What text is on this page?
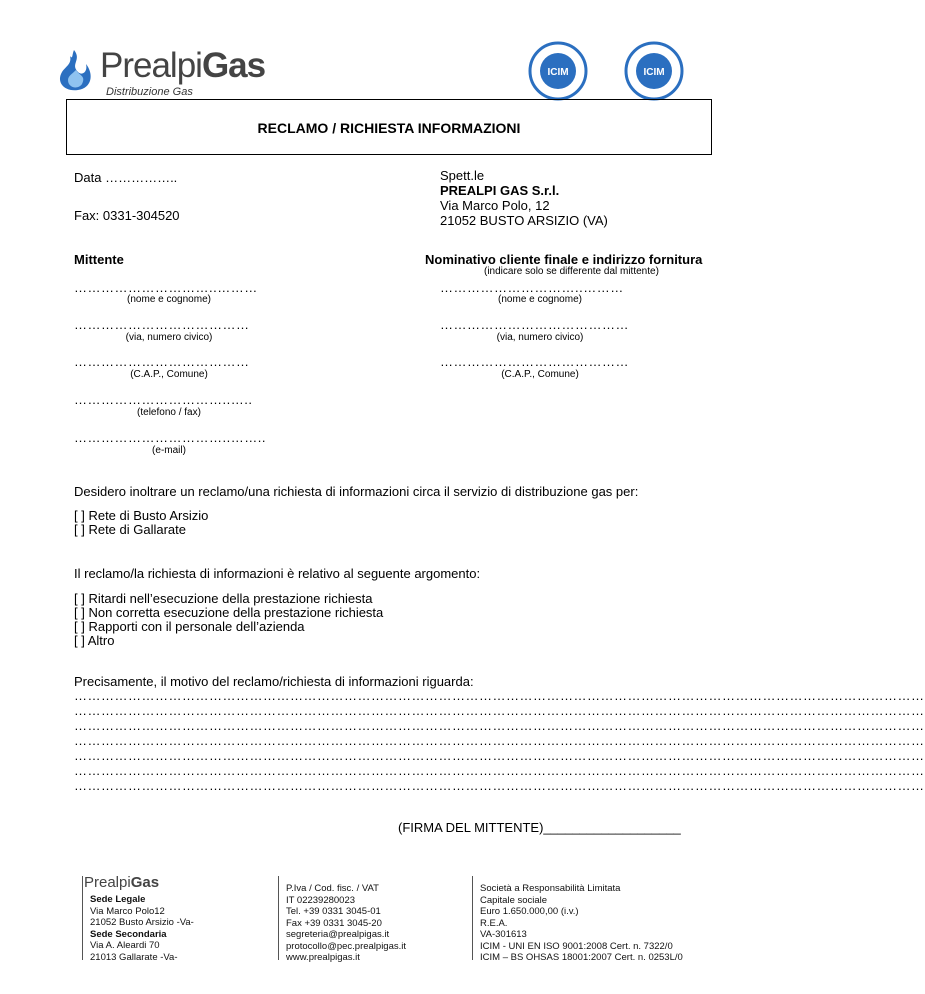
PrealpiGas
Distribuzione Gas
ICIM	ICIM
RECLAMO / RICHIESTA INFORMAZIONI
Data ……………..
Fax: 0331-304520
Spett.le
PREALPI GAS S.r.l.
Via Marco Polo, 12
21052 BUSTO ARSIZIO (VA)
Mittente	Nominativo cliente finale e indirizzo fornitura
(indicare solo se differente dal mittente)
…………………………..………
(nome e cognome)
…………………………………
(via, numero civico)
…………………………………
(C.A.P., Comune)
……………………………..…..
(telefono / fax)
……………………………..……..
(e-mail)
…………………………..………
(nome e cognome)
……………………………………
(via, numero civico)
……………………………………
(C.A.P., Comune)
Desidero inoltrare un reclamo/una richiesta di informazioni circa il servizio di distribuzione gas per:
[ ] Rete di Busto Arsizio
[ ] Rete di Gallarate
Il reclamo/la richiesta di informazioni è relativo al seguente argomento:
[ ] Ritardi nell’esecuzione della prestazione richiesta
[ ] Non corretta esecuzione della prestazione richiesta
[ ] Rapporti con il personale dell’azienda
[ ] Altro
Precisamente, il motivo del reclamo/richiesta di informazioni riguarda:
………………………………………………………………………………………………………………………………………………………………………
………………………………………………………………………………………………………………………………………………………………………
………………………………………………………………………………………………………………………………………………………………………
………………………………………………………………………………………………………………………………………………………………………
………………………………………………………………………………………………………………………………………………………………………
………………………………………………………………………………………………………………………………………………………………………
………………………………………………………………………………………………………………………………………………………………………
(FIRMA DEL MITTENTE)___________________
PrealpiGas
Sede Legale
Via Marco Polo12
21052 Busto Arsizio -Va-
Sede Secondaria
Via A. Aleardi 70
21013 Gallarate -Va-
P.Iva / Cod. fisc. / VAT
IT 02239280023
Tel. +39 0331 3045-01
Fax +39 0331 3045-20
segreteria@prealpigas.it
protocollo@pec.prealpigas.it
www.prealpigas.it
Società a Responsabilità Limitata
Capitale sociale
Euro 1.650.000,00 (i.v.)
R.E.A.
VA-301613
ICIM - UNI EN ISO 9001:2008 Cert. n. 7322/0
ICIM – BS OHSAS 18001:2007 Cert. n. 0253L/0
